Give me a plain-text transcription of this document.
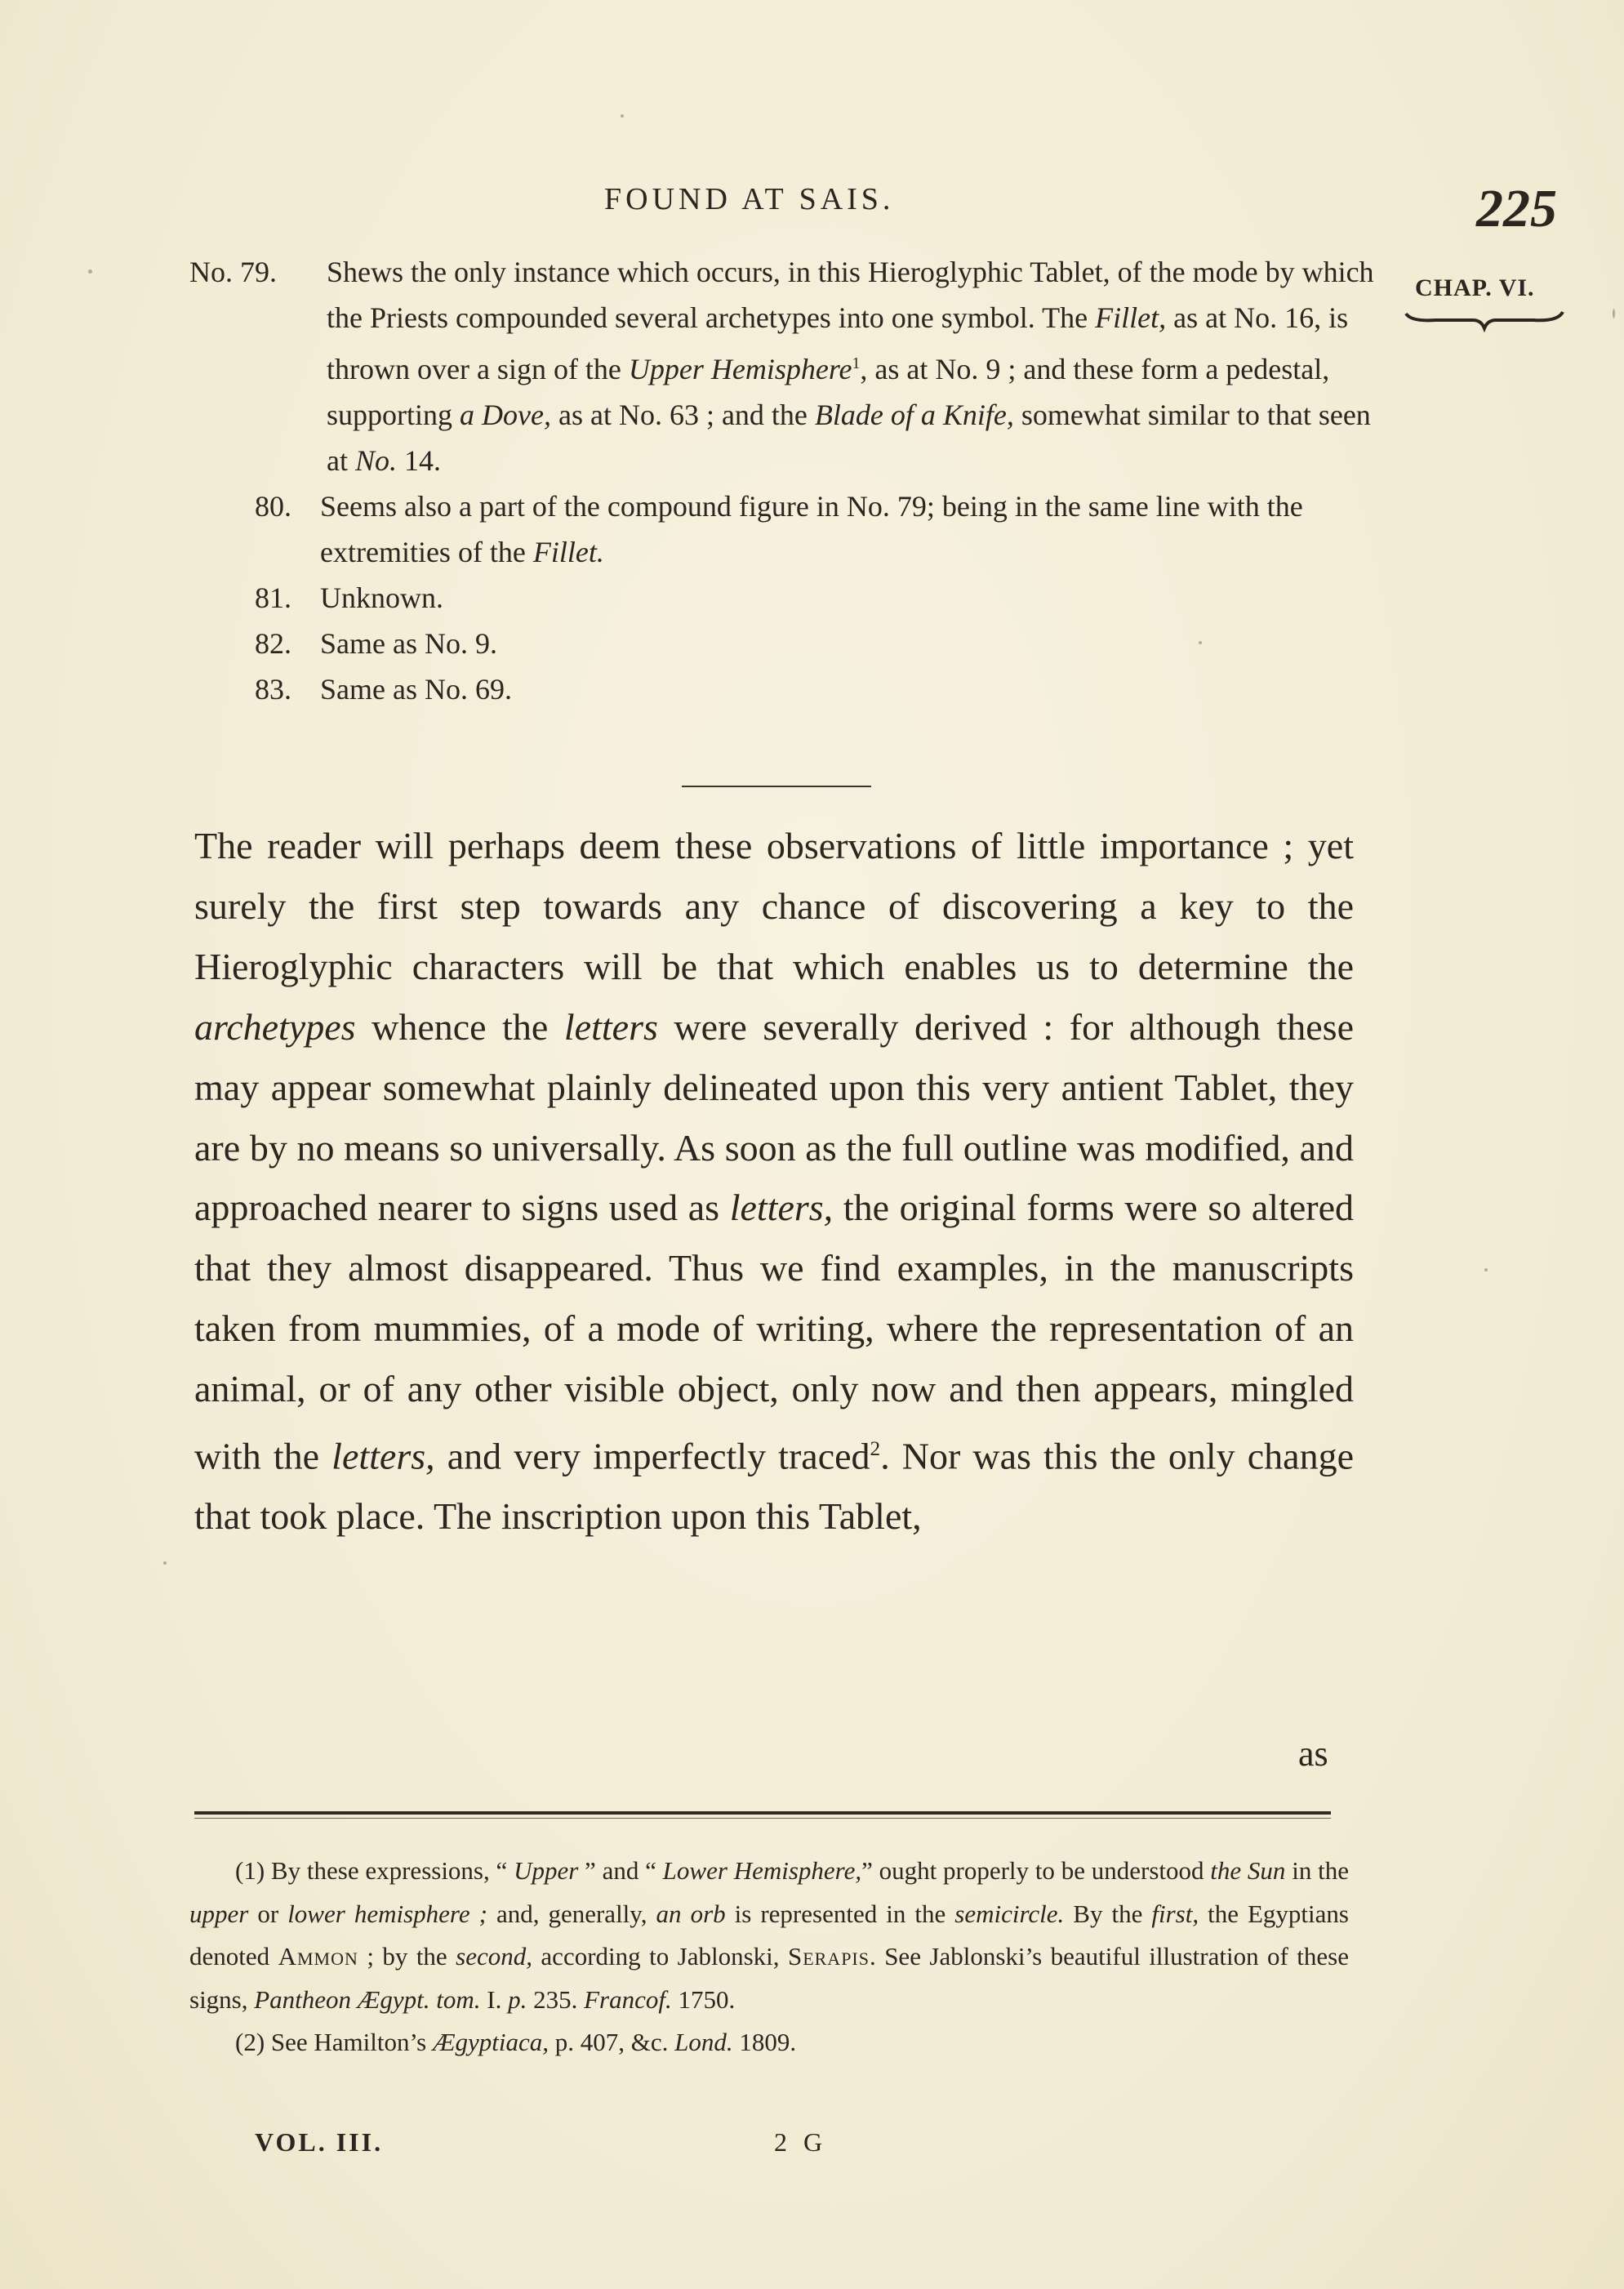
FOUND AT SAIS.	225
CHAP. VI.
No. 79. Shews the only instance which occurs, in this Hieroglyphic Tablet, of the mode by which the Priests compounded several archetypes into one symbol. The Fillet, as at No. 16, is thrown over a sign of the Upper Hemisphere$^1$, as at No. 9 ; and these form a pedestal, supporting a Dove, as at No. 63 ; and the Blade of a Knife, somewhat similar to that seen at No. 14.
80. Seems also a part of the compound figure in No. 79; being in the same line with the extremities of the Fillet.
81. Unknown.
82. Same as No. 9.
83. Same as No. 69.
The reader will perhaps deem these observations of little importance ; yet surely the first step towards any chance of discovering a key to the Hieroglyphic characters will be that which enables us to determine the archetypes whence the letters were severally derived : for although these may appear somewhat plainly delineated upon this very antient Tablet, they are by no means so universally. As soon as the full outline was modified, and approached nearer to signs used as letters, the original forms were so altered that they almost disappeared. Thus we find examples, in the manuscripts taken from mummies, of a mode of writing, where the representation of an animal, or of any other visible object, only now and then appears, mingled with the letters, and very imperfectly traced$^2$. Nor was this the only change that took place. The inscription upon this Tablet,
as

(1) By these expressions, “ Upper ” and “ Lower Hemisphere,” ought properly to be understood the Sun in the upper or lower hemisphere ; and, generally, an orb is represented in the semicircle. By the first, the Egyptians denoted Ammon ; by the second, according to Jablonski, Serapis. See Jablonski’s beautiful illustration of these signs, Pantheon Ægypt. tom. I. p. 235. Francof. 1750.

(2) See Hamilton’s Ægyptiaca, p. 407, &c. Lond. 1809.

VOL. III.	2 G
